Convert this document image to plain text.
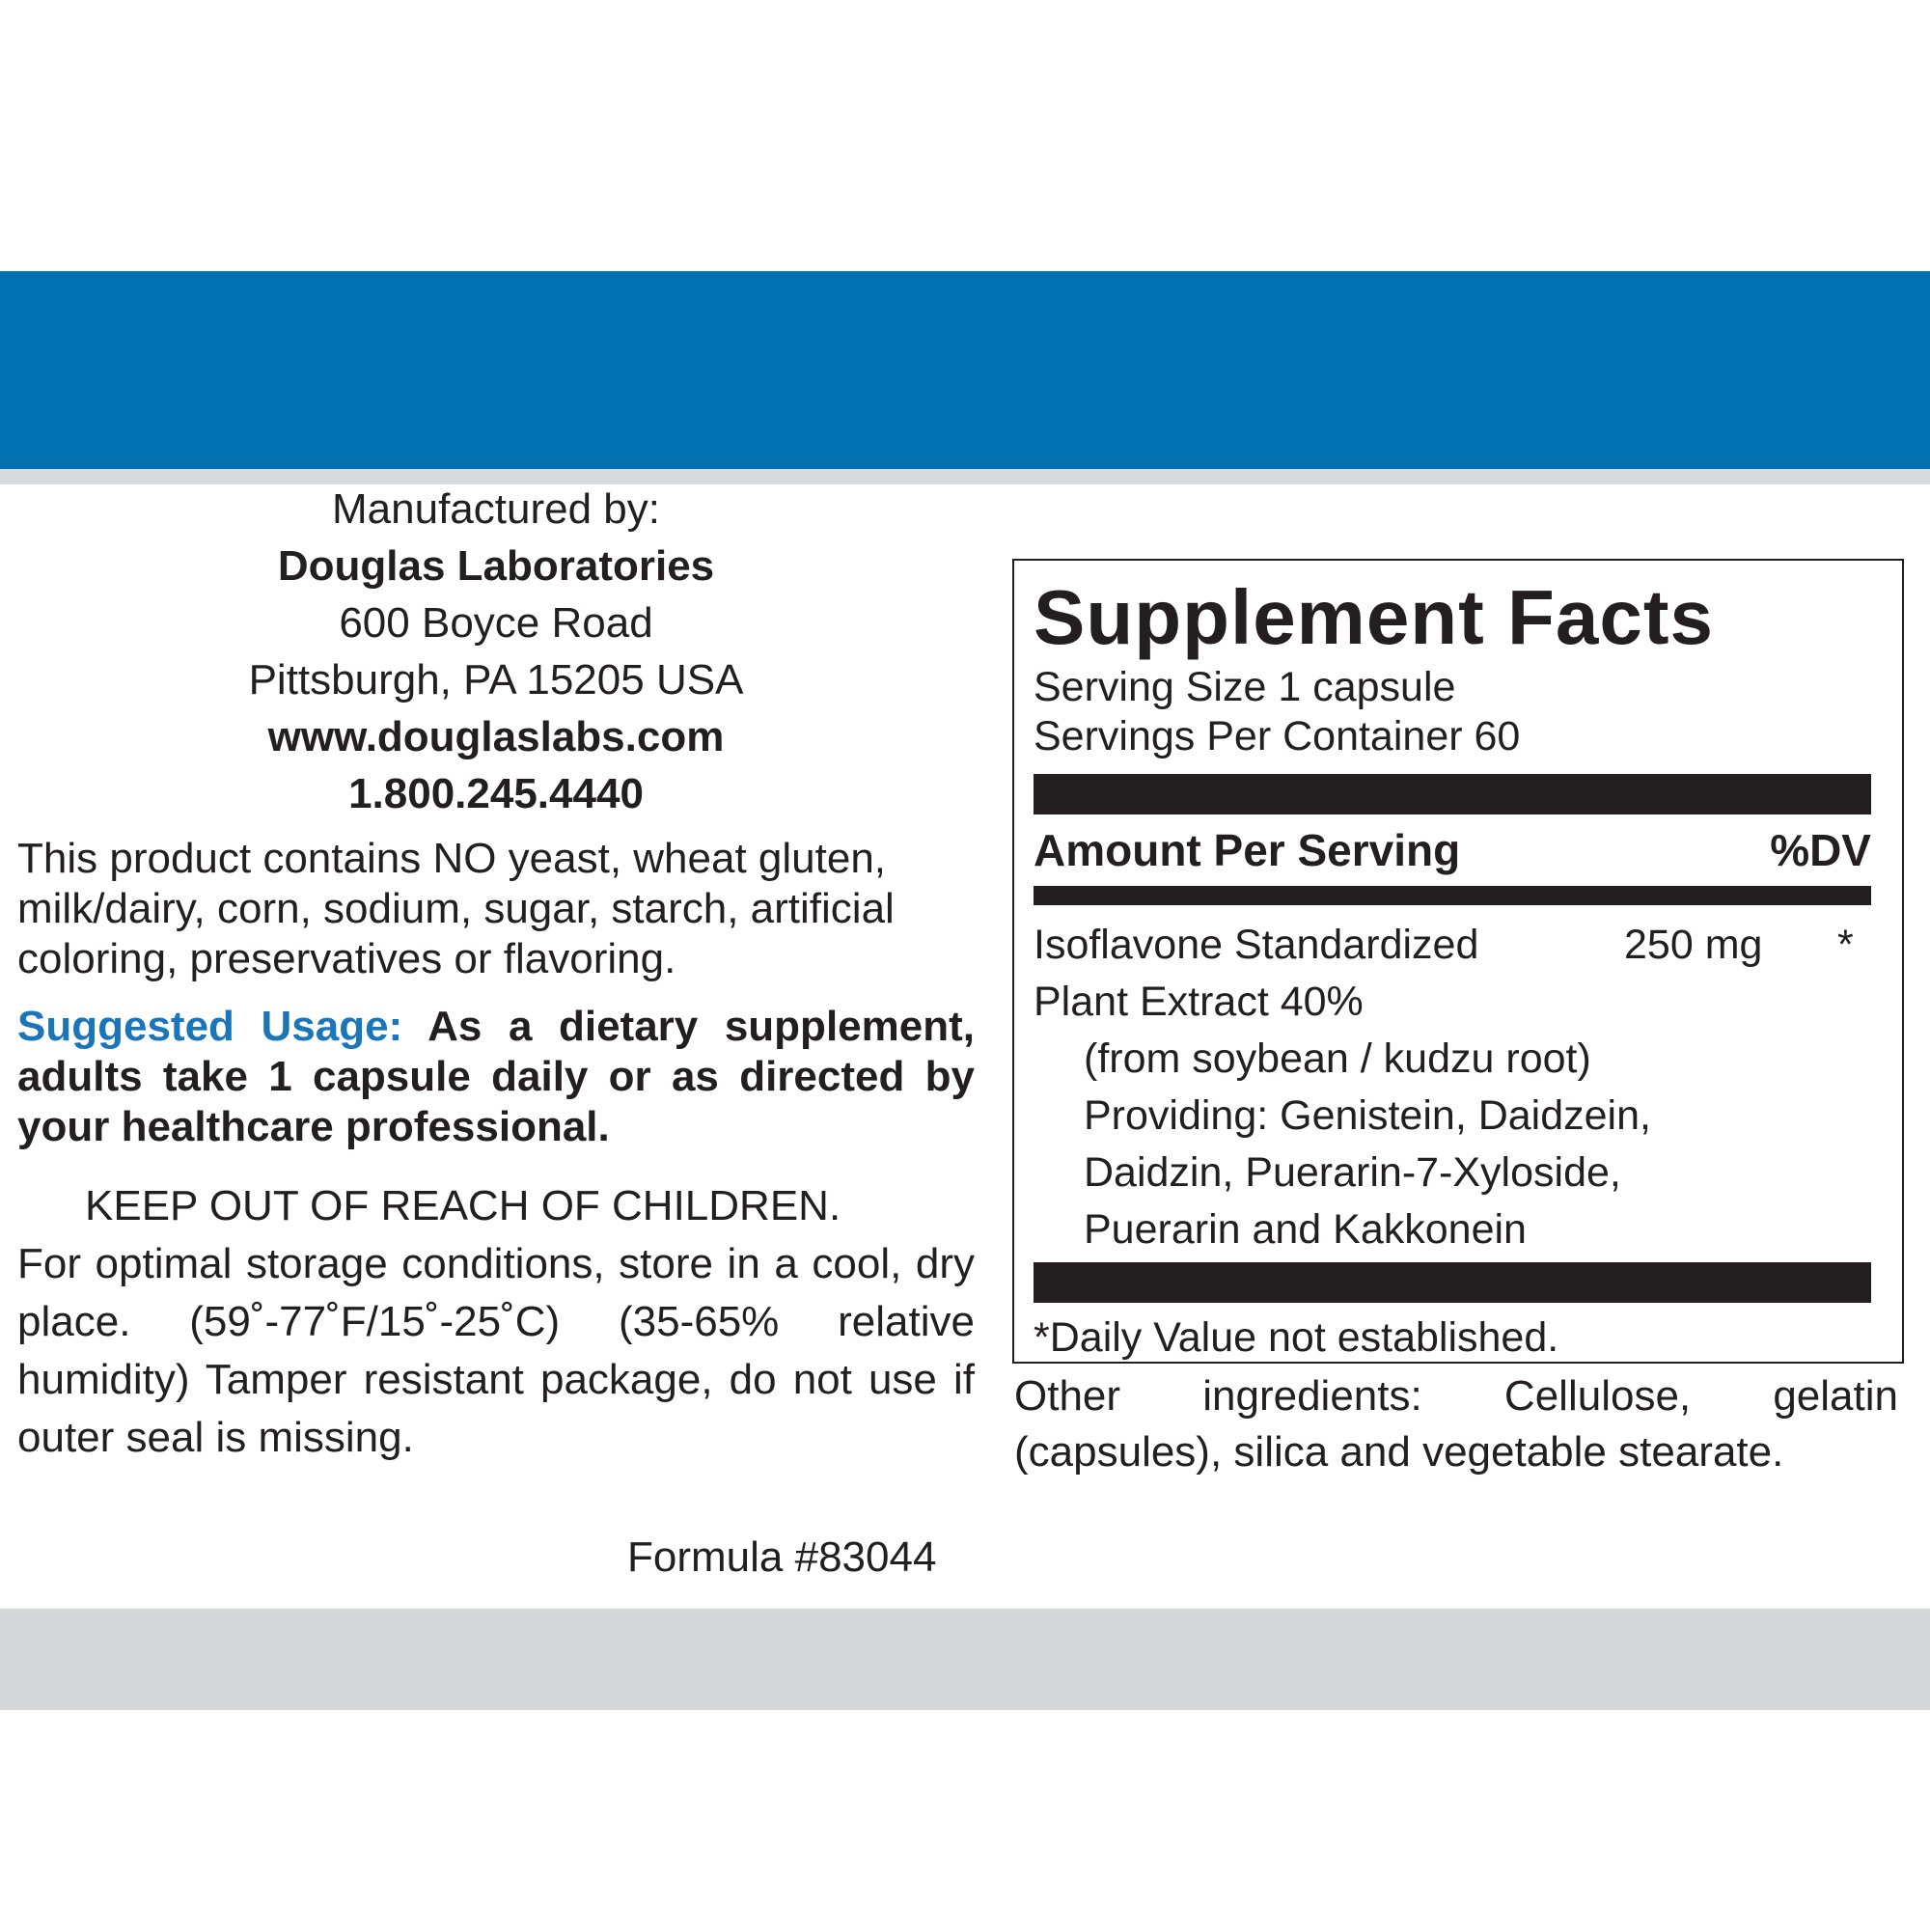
Manufactured by:
Douglas Laboratories
600 Boyce Road
Pittsburgh, PA 15205 USA
www.douglaslabs.com
1.800.245.4440

This product contains NO yeast, wheat gluten, milk/dairy, corn, sodium, sugar, starch, artificial coloring, preservatives or flavoring.

Suggested Usage: As a dietary supplement, adults take 1 capsule daily or as directed by your healthcare professional.

KEEP OUT OF REACH OF CHILDREN.
For optimal storage conditions, store in a cool, dry place. (59˚-77˚F/15˚-25˚C) (35-65% relative humidity) Tamper resistant package, do not use if outer seal is missing.
Formula #83044
Supplement Facts
Serving Size 1 capsule
Servings Per Container 60
Amount Per Serving	%DV
Isoflavone Standardized	250 mg *
Plant Extract 40%
(from soybean / kudzu root)
Providing: Genistein, Daidzein,
Daidzin, Puerarin-7-Xyloside,
Puerarin and Kakkonein
*Daily Value not established.
Other ingredients: Cellulose, gelatin (capsules), silica and vegetable stearate.
